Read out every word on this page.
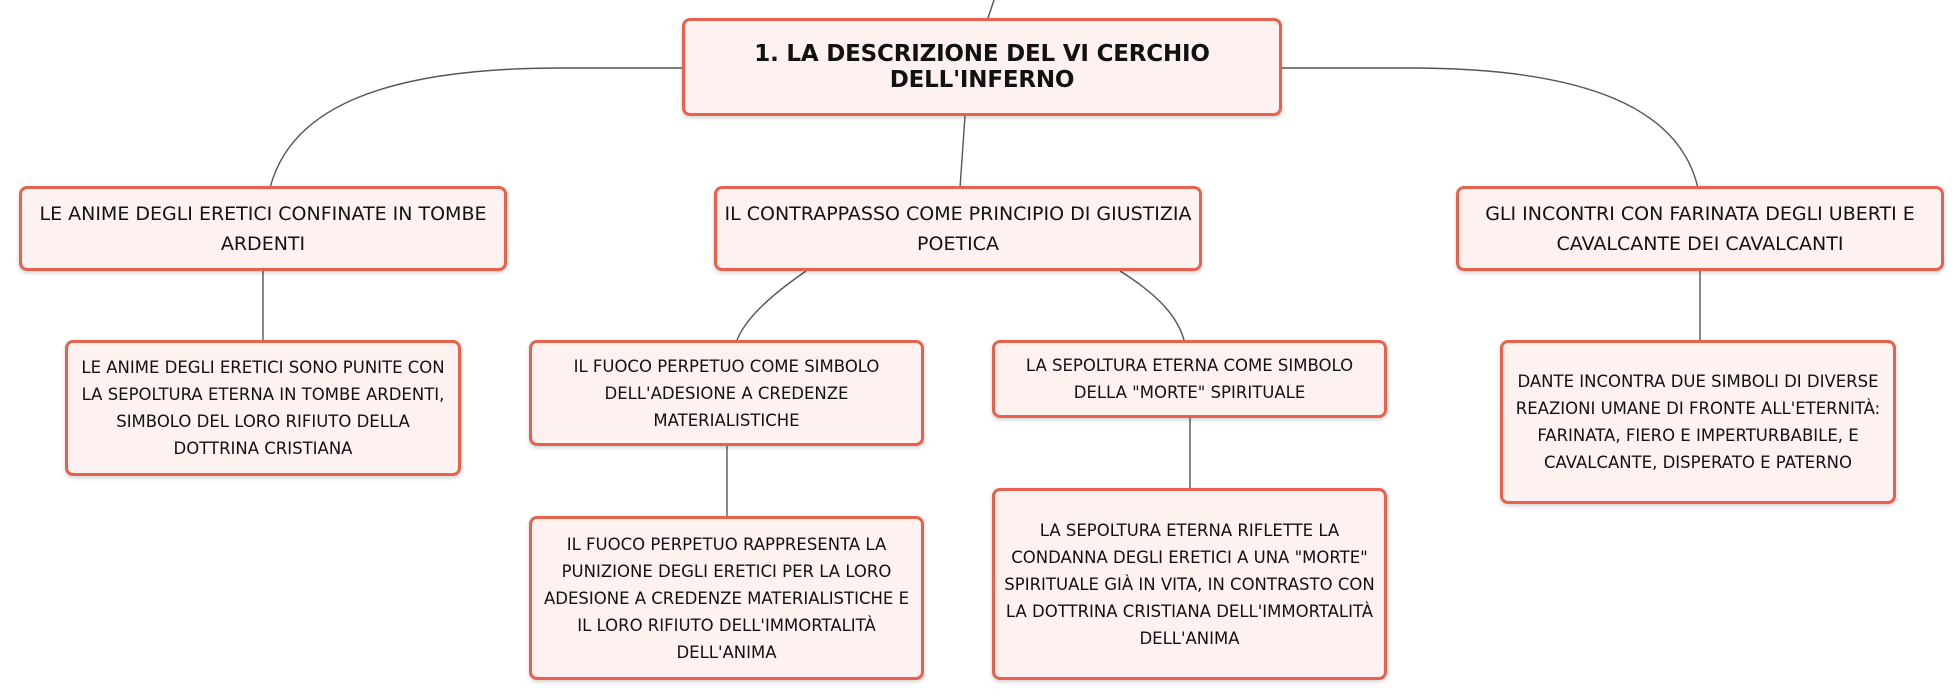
1. LA DESCRIZIONE DEL VI CERCHIO DELL'INFERNO
LE ANIME DEGLI ERETICI CONFINATE IN TOMBE ARDENTI
IL CONTRAPPASSO COME PRINCIPIO DI GIUSTIZIA POETICA
GLI INCONTRI CON FARINATA DEGLI UBERTI E CAVALCANTE DEI CAVALCANTI
LE ANIME DEGLI ERETICI SONO PUNITE CON LA SEPOLTURA ETERNA IN TOMBE ARDENTI, SIMBOLO DEL LORO RIFIUTO DELLA DOTTRINA CRISTIANA
IL FUOCO PERPETUO COME SIMBOLO DELL'ADESIONE A CREDENZE MATERIALISTICHE
LA SEPOLTURA ETERNA COME SIMBOLO DELLA "MORTE" SPIRITUALE
DANTE INCONTRA DUE SIMBOLI DI DIVERSE REAZIONI UMANE DI FRONTE ALL'ETERNITÀ: FARINATA, FIERO E IMPERTURBABILE, E CAVALCANTE, DISPERATO E PATERNO
IL FUOCO PERPETUO RAPPRESENTA LA PUNIZIONE DEGLI ERETICI PER LA LORO ADESIONE A CREDENZE MATERIALISTICHE E IL LORO RIFIUTO DELL'IMMORTALITÀ DELL'ANIMA
LA SEPOLTURA ETERNA RIFLETTE LA CONDANNA DEGLI ERETICI A UNA "MORTE" SPIRITUALE GIÀ IN VITA, IN CONTRASTO CON LA DOTTRINA CRISTIANA DELL'IMMORTALITÀ DELL'ANIMA
